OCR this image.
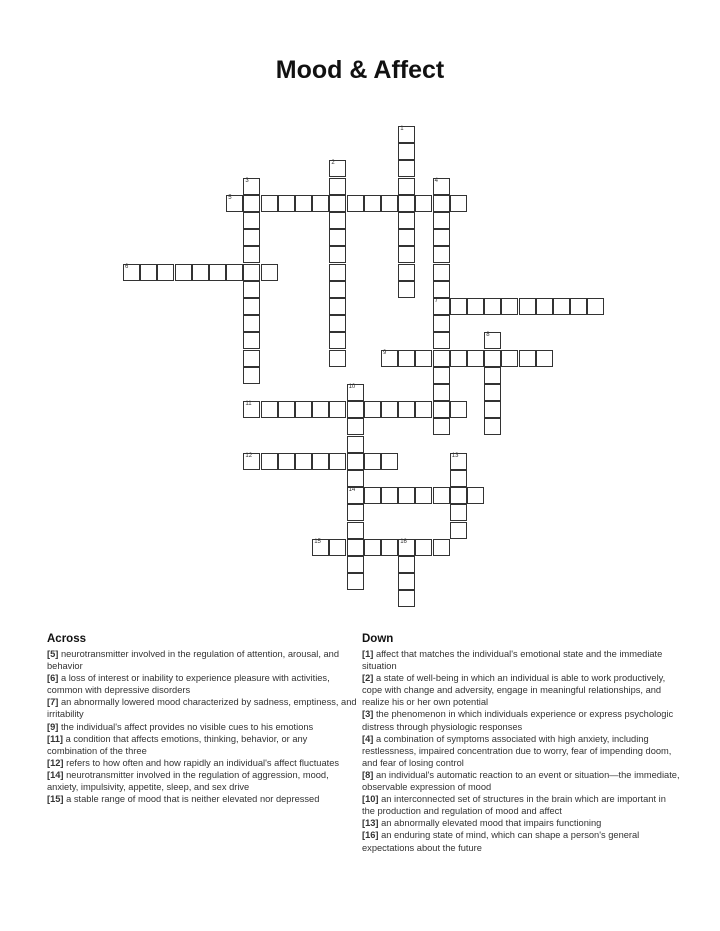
Mood & Affect
1
2
3	4
7
5
6
8
9
10
14
11
12	13
15	16
Across

[5] neurotransmitter involved in the regulation of attention, arousal, and behavior

[6] a loss of interest or inability to experience pleasure with activities, common with depressive disorders

[7] an abnormally lowered mood characterized by sadness, emptiness, and irritability

[9] the individual's affect provides no visible cues to his emotions

[11] a condition that affects emotions, thinking, behavior, or any combination of the three

[12] refers to how often and how rapidly an individual's affect fluctuates

[14] neurotransmitter involved in the regulation of aggression, mood, anxiety, impulsivity, appetite, sleep, and sex drive

[15] a stable range of mood that is neither elevated nor depressed

Down

[1] affect that matches the individual's emotional state and the immediate situation

[2] a state of well-being in which an individual is able to work productively, cope with change and adversity, engage in meaningful relationships, and realize his or her own potential

[3] the phenomenon in which individuals experience or express psychologic distress through physiologic responses

[4] a combination of symptoms associated with high anxiety, including restlessness, impaired concentration due to worry, fear of impending doom, and fear of losing control

[8] an individual's automatic reaction to an event or situation—the immediate, observable expression of mood

[10] an interconnected set of structures in the brain which are important in the production and regulation of mood and affect

[13] an abnormally elevated mood that impairs functioning

[16] an enduring state of mind, which can shape a person's general expectations about the future
